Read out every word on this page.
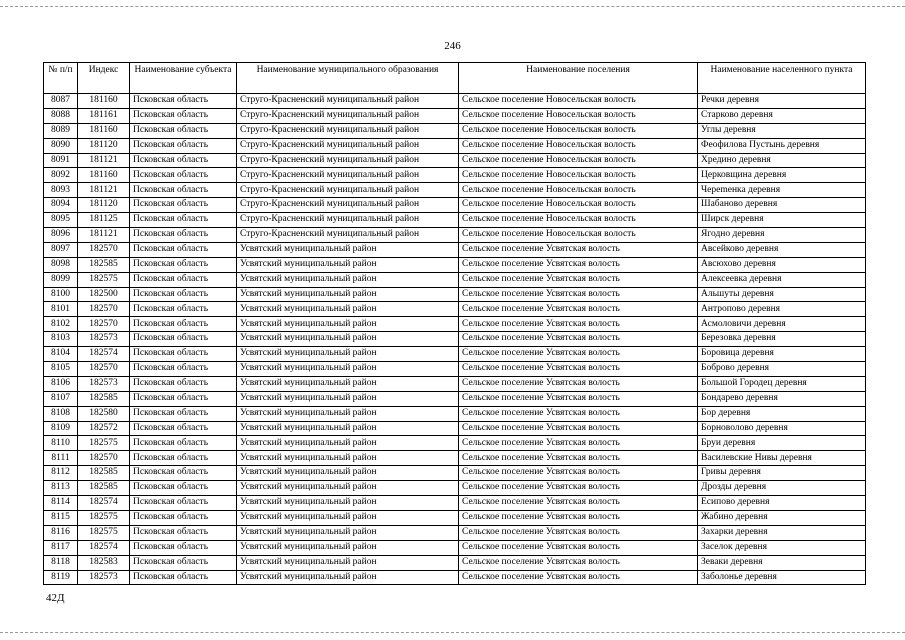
246
№ п/п	Индекс	Наименование субъекта	Наименование муниципального образования	Наименование поселения	Наименование населенного пункта
8087	181160	Псковская область	Струго-Красненский муниципальный район	Сельское поселение Новосельская волость	Речки деревня
8088	181161	Псковская область	Струго-Красненский муниципальный район	Сельское поселение Новосельская волость	Старково деревня
8089	181160	Псковская область	Струго-Красненский муниципальный район	Сельское поселение Новосельская волость	Углы деревня
8090	181120	Псковская область	Струго-Красненский муниципальный район	Сельское поселение Новосельская волость	Феофилова Пустынь деревня
8091	181121	Псковская область	Струго-Красненский муниципальный район	Сельское поселение Новосельская волость	Хредино деревня
8092	181160	Псковская область	Струго-Красненский муниципальный район	Сельское поселение Новосельская волость	Церковщина деревня
8093	181121	Псковская область	Струго-Красненский муниципальный район	Сельское поселение Новосельская волость	Черemенка деревня
8094	181120	Псковская область	Струго-Красненский муниципальный район	Сельское поселение Новосельская волость	Шабаново деревня
8095	181125	Псковская область	Струго-Красненский муниципальный район	Сельское поселение Новосельская волость	Ширск деревня
8096	181121	Псковская область	Струго-Красненский муниципальный район	Сельское поселение Новосельская волость	Ягодно деревня
8097	182570	Псковская область	Усвятский муниципальный район	Сельское поселение Усвятская волость	Авсейково деревня
8098	182585	Псковская область	Усвятский муниципальный район	Сельское поселение Усвятская волость	Авсюхово деревня
8099	182575	Псковская область	Усвятский муниципальный район	Сельское поселение Усвятская волость	Алексеевка деревня
8100	182500	Псковская область	Усвятский муниципальный район	Сельское поселение Усвятская волость	Альшуты деревня
8101	182570	Псковская область	Усвятский муниципальный район	Сельское поселение Усвятская волость	Антропово деревня
8102	182570	Псковская область	Усвятский муниципальный район	Сельское поселение Усвятская волость	Асмоловичи деревня
8103	182573	Псковская область	Усвятский муниципальный район	Сельское поселение Усвятская волость	Березовка деревня
8104	182574	Псковская область	Усвятский муниципальный район	Сельское поселение Усвятская волость	Боровица деревня
8105	182570	Псковская область	Усвятский муниципальный район	Сельское поселение Усвятская волость	Боброво деревня
8106	182573	Псковская область	Усвятский муниципальный район	Сельское поселение Усвятская волость	Большой Городец деревня
8107	182585	Псковская область	Усвятский муниципальный район	Сельское поселение Усвятская волость	Бондарево деревня
8108	182580	Псковская область	Усвятский муниципальный район	Сельское поселение Усвятская волость	Бор деревня
8109	182572	Псковская область	Усвятский муниципальный район	Сельское поселение Усвятская волость	Борноволово деревня
8110	182575	Псковская область	Усвятский муниципальный район	Сельское поселение Усвятская волость	Бруи деревня
8111	182570	Псковская область	Усвятский муниципальный район	Сельское поселение Усвятская волость	Василевские Нивы деревня
8112	182585	Псковская область	Усвятский муниципальный район	Сельское поселение Усвятская волость	Гривы деревня
8113	182585	Псковская область	Усвятский муниципальный район	Сельское поселение Усвятская волость	Дрозды деревня
8114	182574	Псковская область	Усвятский муниципальный район	Сельское поселение Усвятская волость	Есипово деревня
8115	182575	Псковская область	Усвятский муниципальный район	Сельское поселение Усвятская волость	Жабино деревня
8116	182575	Псковская область	Усвятский муниципальный район	Сельское поселение Усвятская волость	Захарки деревня
8117	182574	Псковская область	Усвятский муниципальный район	Сельское поселение Усвятская волость	Заселок деревня
8118	182583	Псковская область	Усвятский муниципальный район	Сельское поселение Усвятская волость	Зеваки деревня
8119	182573	Псковская область	Усвятский муниципальный район	Сельское поселение Усвятская волость	Заболонье деревня
42Д
